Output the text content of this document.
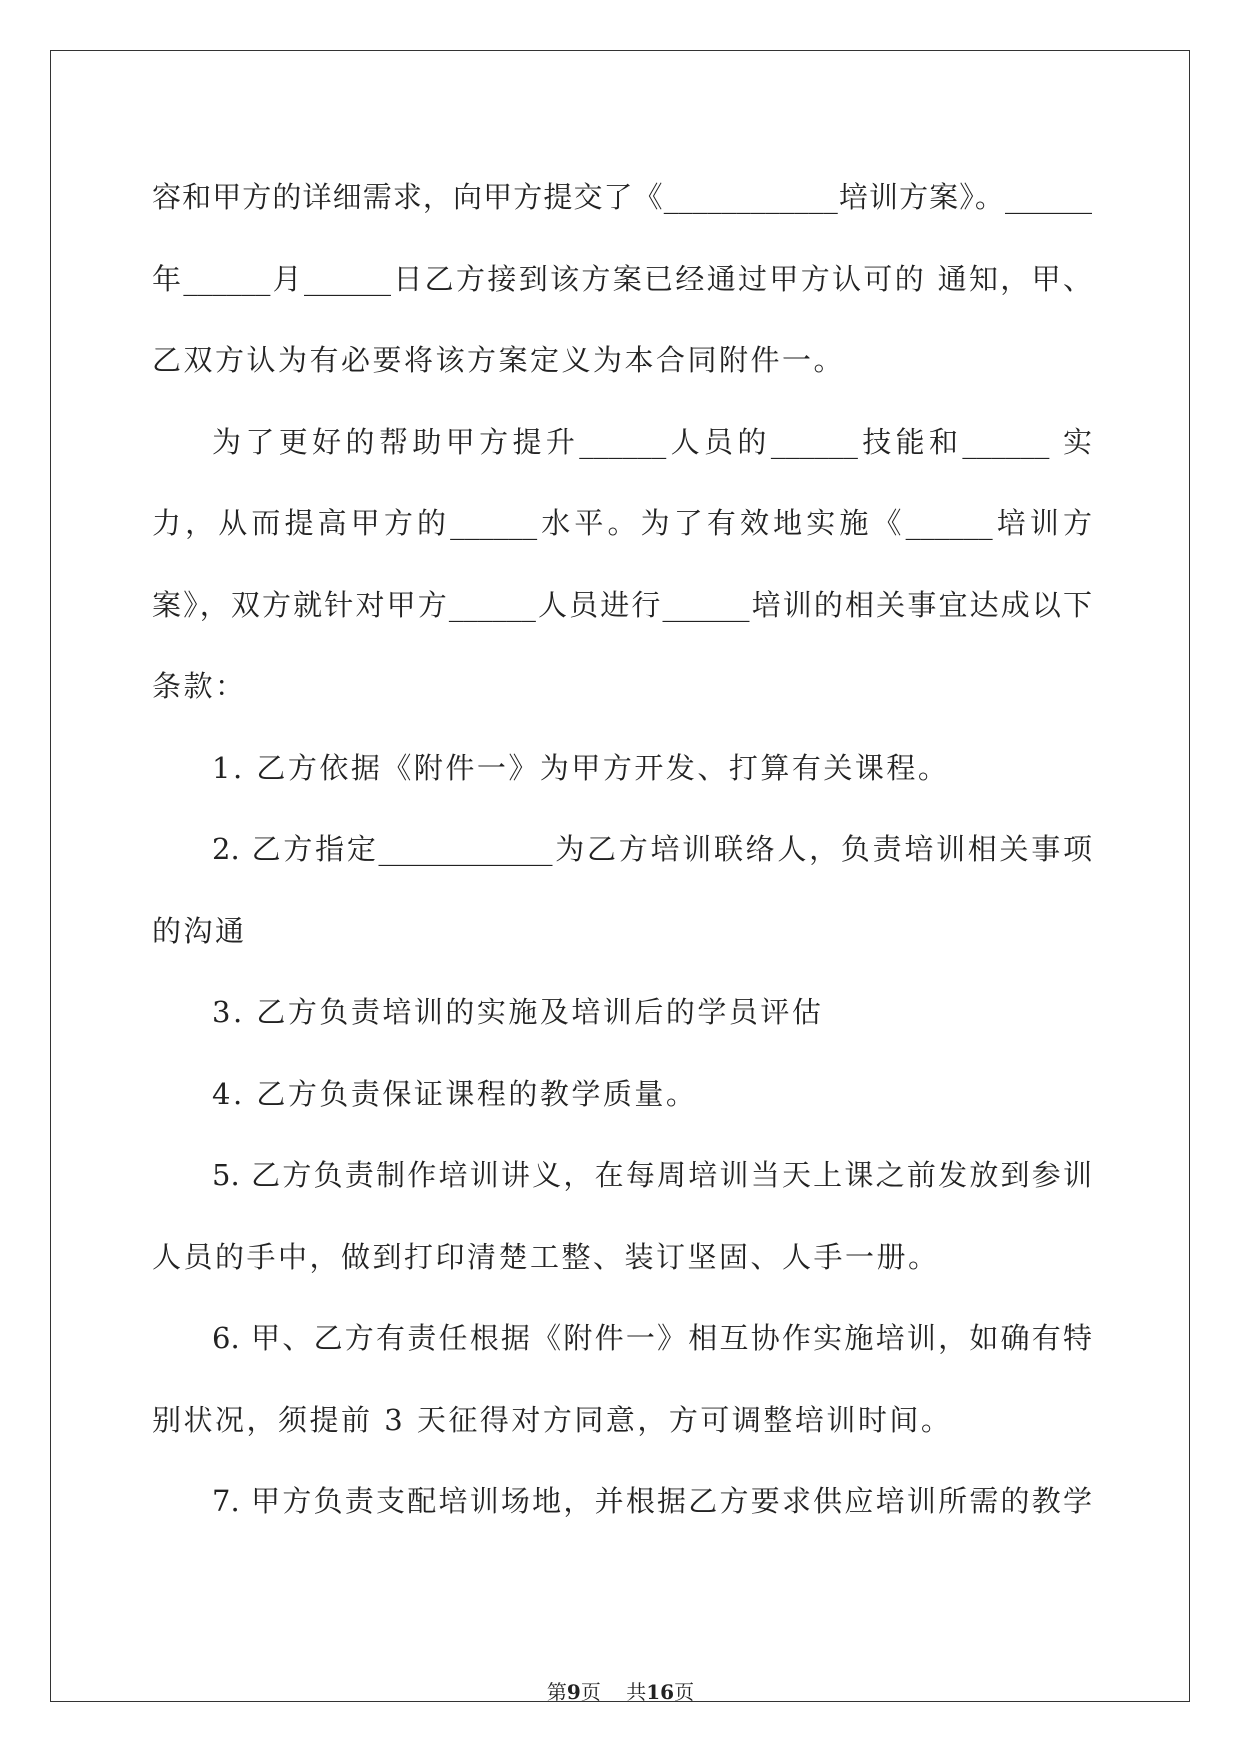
容和甲方的详细需求，向甲方提交了《____________培训方案》。______
年______月______日乙方接到该方案已经通过甲方认可的 通知，甲、
乙双方认为有必要将该方案定义为本合同附件一。
为了更好的帮助甲方提升______人员的______技能和______ 实
力，从而提高甲方的______水平。为了有效地实施《______培训方
案》，双方就针对甲方______人员进行______培训的相关事宜达成以下
条款：
1. 乙方依据《附件一》为甲方开发、打算有关课程。
2. 乙方指定____________为乙方培训联络人，负责培训相关事项
的沟通
3. 乙方负责培训的实施及培训后的学员评估
4. 乙方负责保证课程的教学质量。
5. 乙方负责制作培训讲义，在每周培训当天上课之前发放到参训
人员的手中，做到打印清楚工整、装订坚固、人手一册。
6. 甲、乙方有责任根据《附件一》相互协作实施培训，如确有特
别状况，须提前 3 天征得对方同意，方可调整培训时间。
7. 甲方负责支配培训场地，并根据乙方要求供应培训所需的教学
第9页    共16页
